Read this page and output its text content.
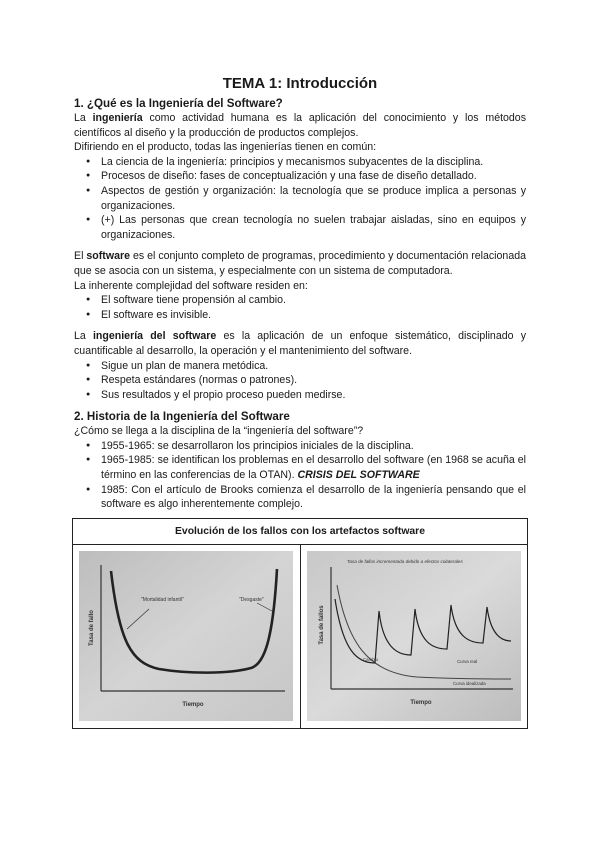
TEMA 1: Introducción
1. ¿Qué es la Ingeniería del Software?

La ingeniería como actividad humana es la aplicación del conocimiento y los métodos científicos al diseño y la producción de productos complejos.

Difiriendo en el producto, todas las ingenierías tienen en común:

● La ciencia de la ingeniería: principios y mecanismos subyacentes de la disciplina.
● Procesos de diseño: fases de conceptualización y una fase de diseño detallado.
● Aspectos de gestión y organización: la tecnología que se produce implica a personas y organizaciones.
● (+) Las personas que crean tecnología no suelen trabajar aisladas, sino en equipos y organizaciones.

El software es el conjunto completo de programas, procedimiento y documentación relacionada que se asocia con un sistema, y especialmente con un sistema de computadora.

La inherente complejidad del software residen en:

● El software tiene propensión al cambio.
● El software es invisible.

La ingeniería del software es la aplicación de un enfoque sistemático, disciplinado y cuantificable al desarrollo, la operación y el mantenimiento del software.

● Sigue un plan de manera metódica.
● Respeta estándares (normas o patrones).
● Sus resultados y el propio proceso pueden medirse.
2. Historia de la Ingeniería del Software

¿Cómo se llega a la disciplina de la “ingeniería del software”?

● 1955-1965: se desarrollaron los principios iniciales de la disciplina.
● 1965-1985: se identifican los problemas en el desarrollo del software (en 1968 se acuña el término en las conferencias de la OTAN). CRISIS DEL SOFTWARE
● 1985: Con el artículo de Brooks comienza el desarrollo de la ingeniería pensando que el software es algo inherentemente complejo.
Evolución de los fallos con los artefactos software

Tasa de fallo
Tiempo
"Mortalidad infantil"	"Desgaste"

Tasa de fallos
Tiempo
Tasa de fallos incrementada debido a efectos colaterales
Cambio	Curva real
Curva idealizada
